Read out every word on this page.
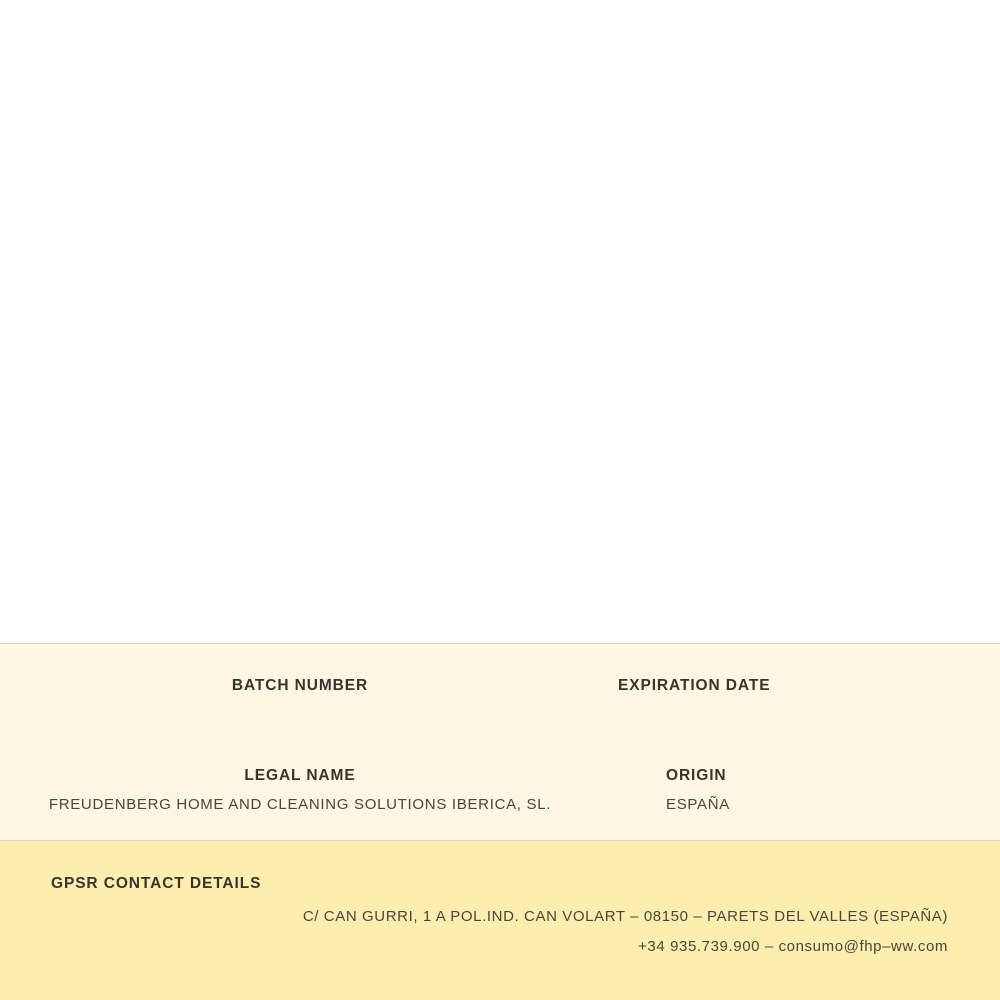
BATCH NUMBER	EXPIRATION DATE
LEGAL NAME	ORIGIN
FREUDENBERG HOME AND CLEANING SOLUTIONS IBERICA, SL.	ESPAÑA
GPSR CONTACT DETAILS
C/ CAN GURRI, 1 A POL.IND. CAN VOLART – 08150 – PARETS DEL VALLES (ESPAÑA)
+34 935.739.900 – consumo@fhp–ww.com
